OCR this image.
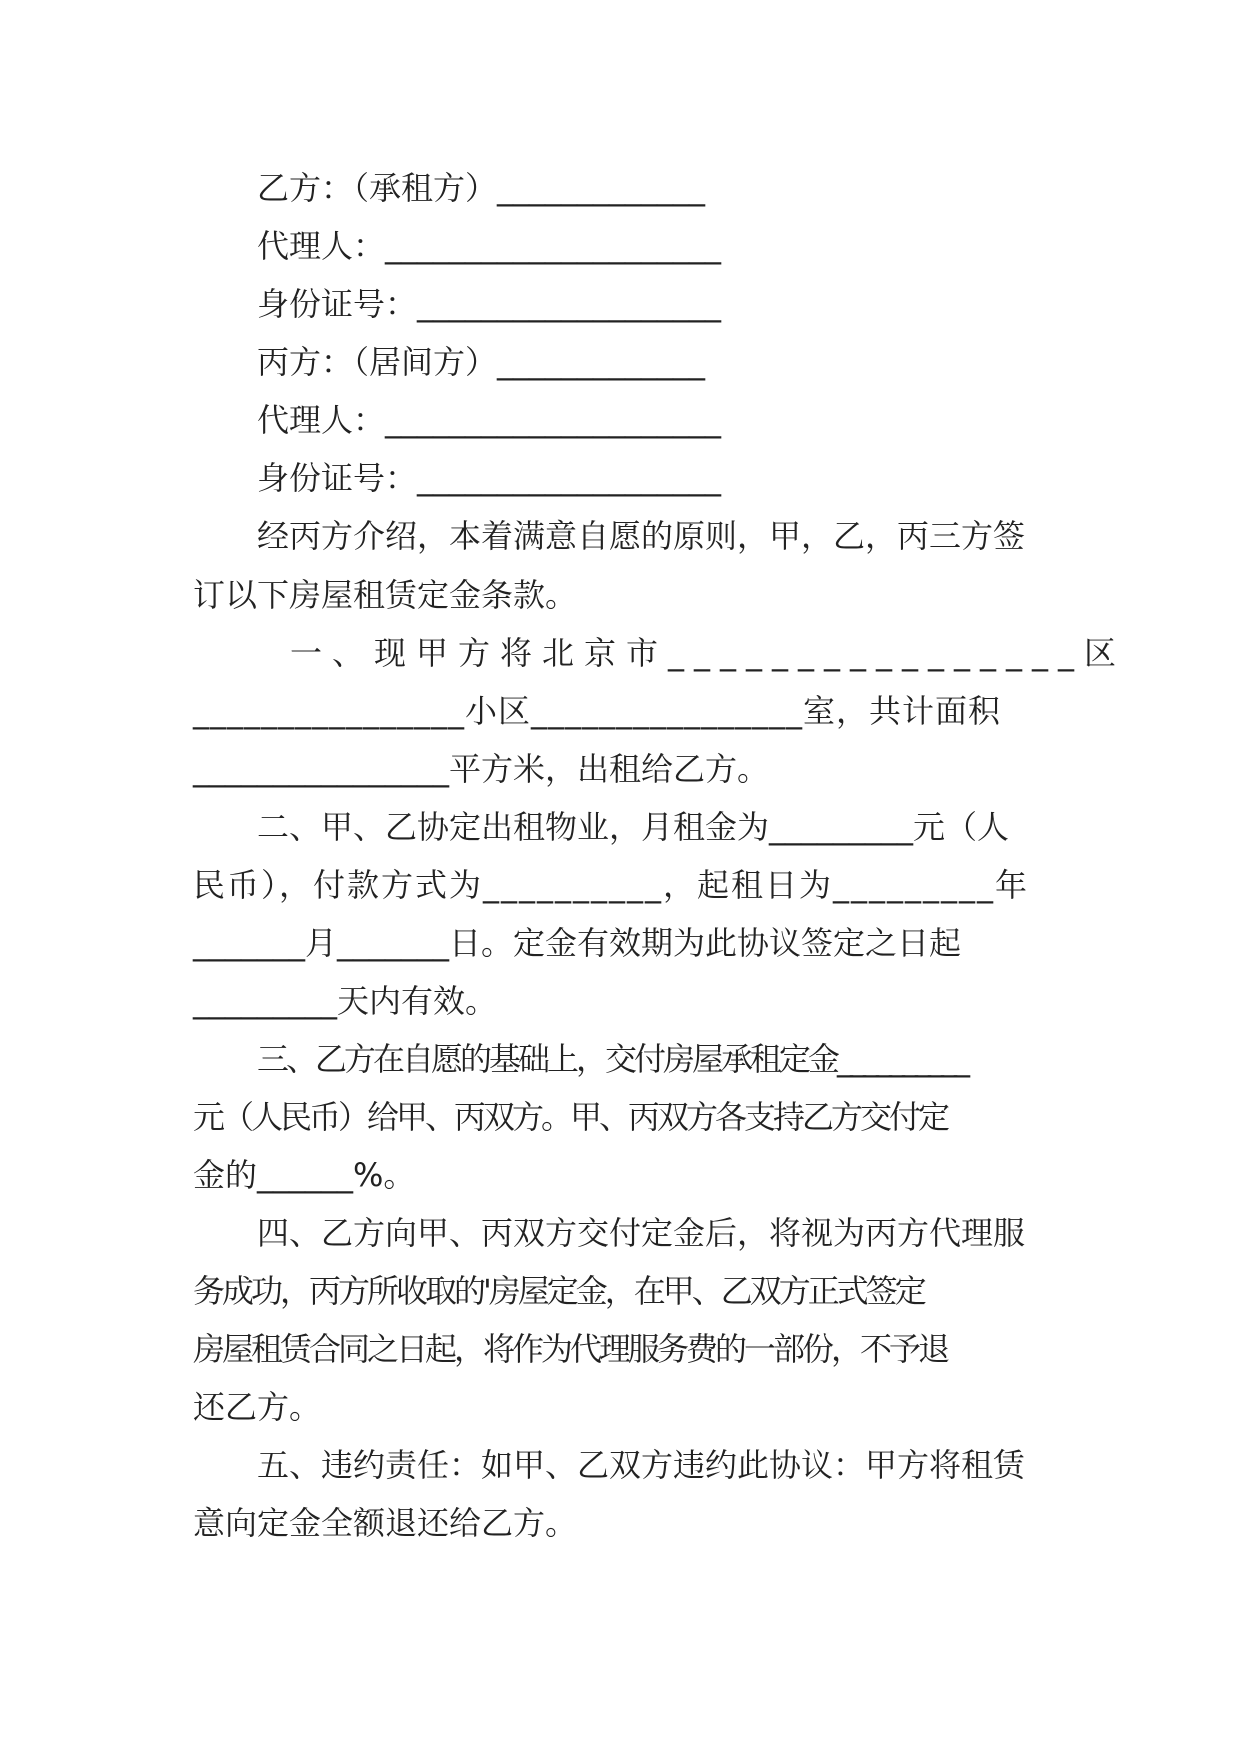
乙方：（承租方）_____________
代理人：_____________________
身份证号：___________________
丙方：（居间方）_____________
代理人：_____________________
身份证号：___________________
经丙方介绍，本着满意自愿的原则，甲，乙，丙三方签
订以下房屋租赁定金条款。
一、现甲方将北京市________________区
________________小区________________室，共计面积
________________平方米，出租给乙方。
二、甲、乙协定出租物业，月租金为_________元（人
民币），付款方式为__________，起租日为_________年
_______月_______日。定金有效期为此协议签定之日起
_________天内有效。
三、乙方在自愿的基础上，交付房屋承租定金__________
元（人民币）给甲、丙双方。甲、丙双方各支持乙方交付定
金的______%。
四、乙方向甲、丙双方交付定金后，将视为丙方代理服
务成功，丙方所收取的'房屋定金，在甲、乙双方正式签定
房屋租赁合同之日起，将作为代理服务费的一部份，不予退
还乙方。
五、违约责任：如甲、乙双方违约此协议：甲方将租赁
意向定金全额退还给乙方。
